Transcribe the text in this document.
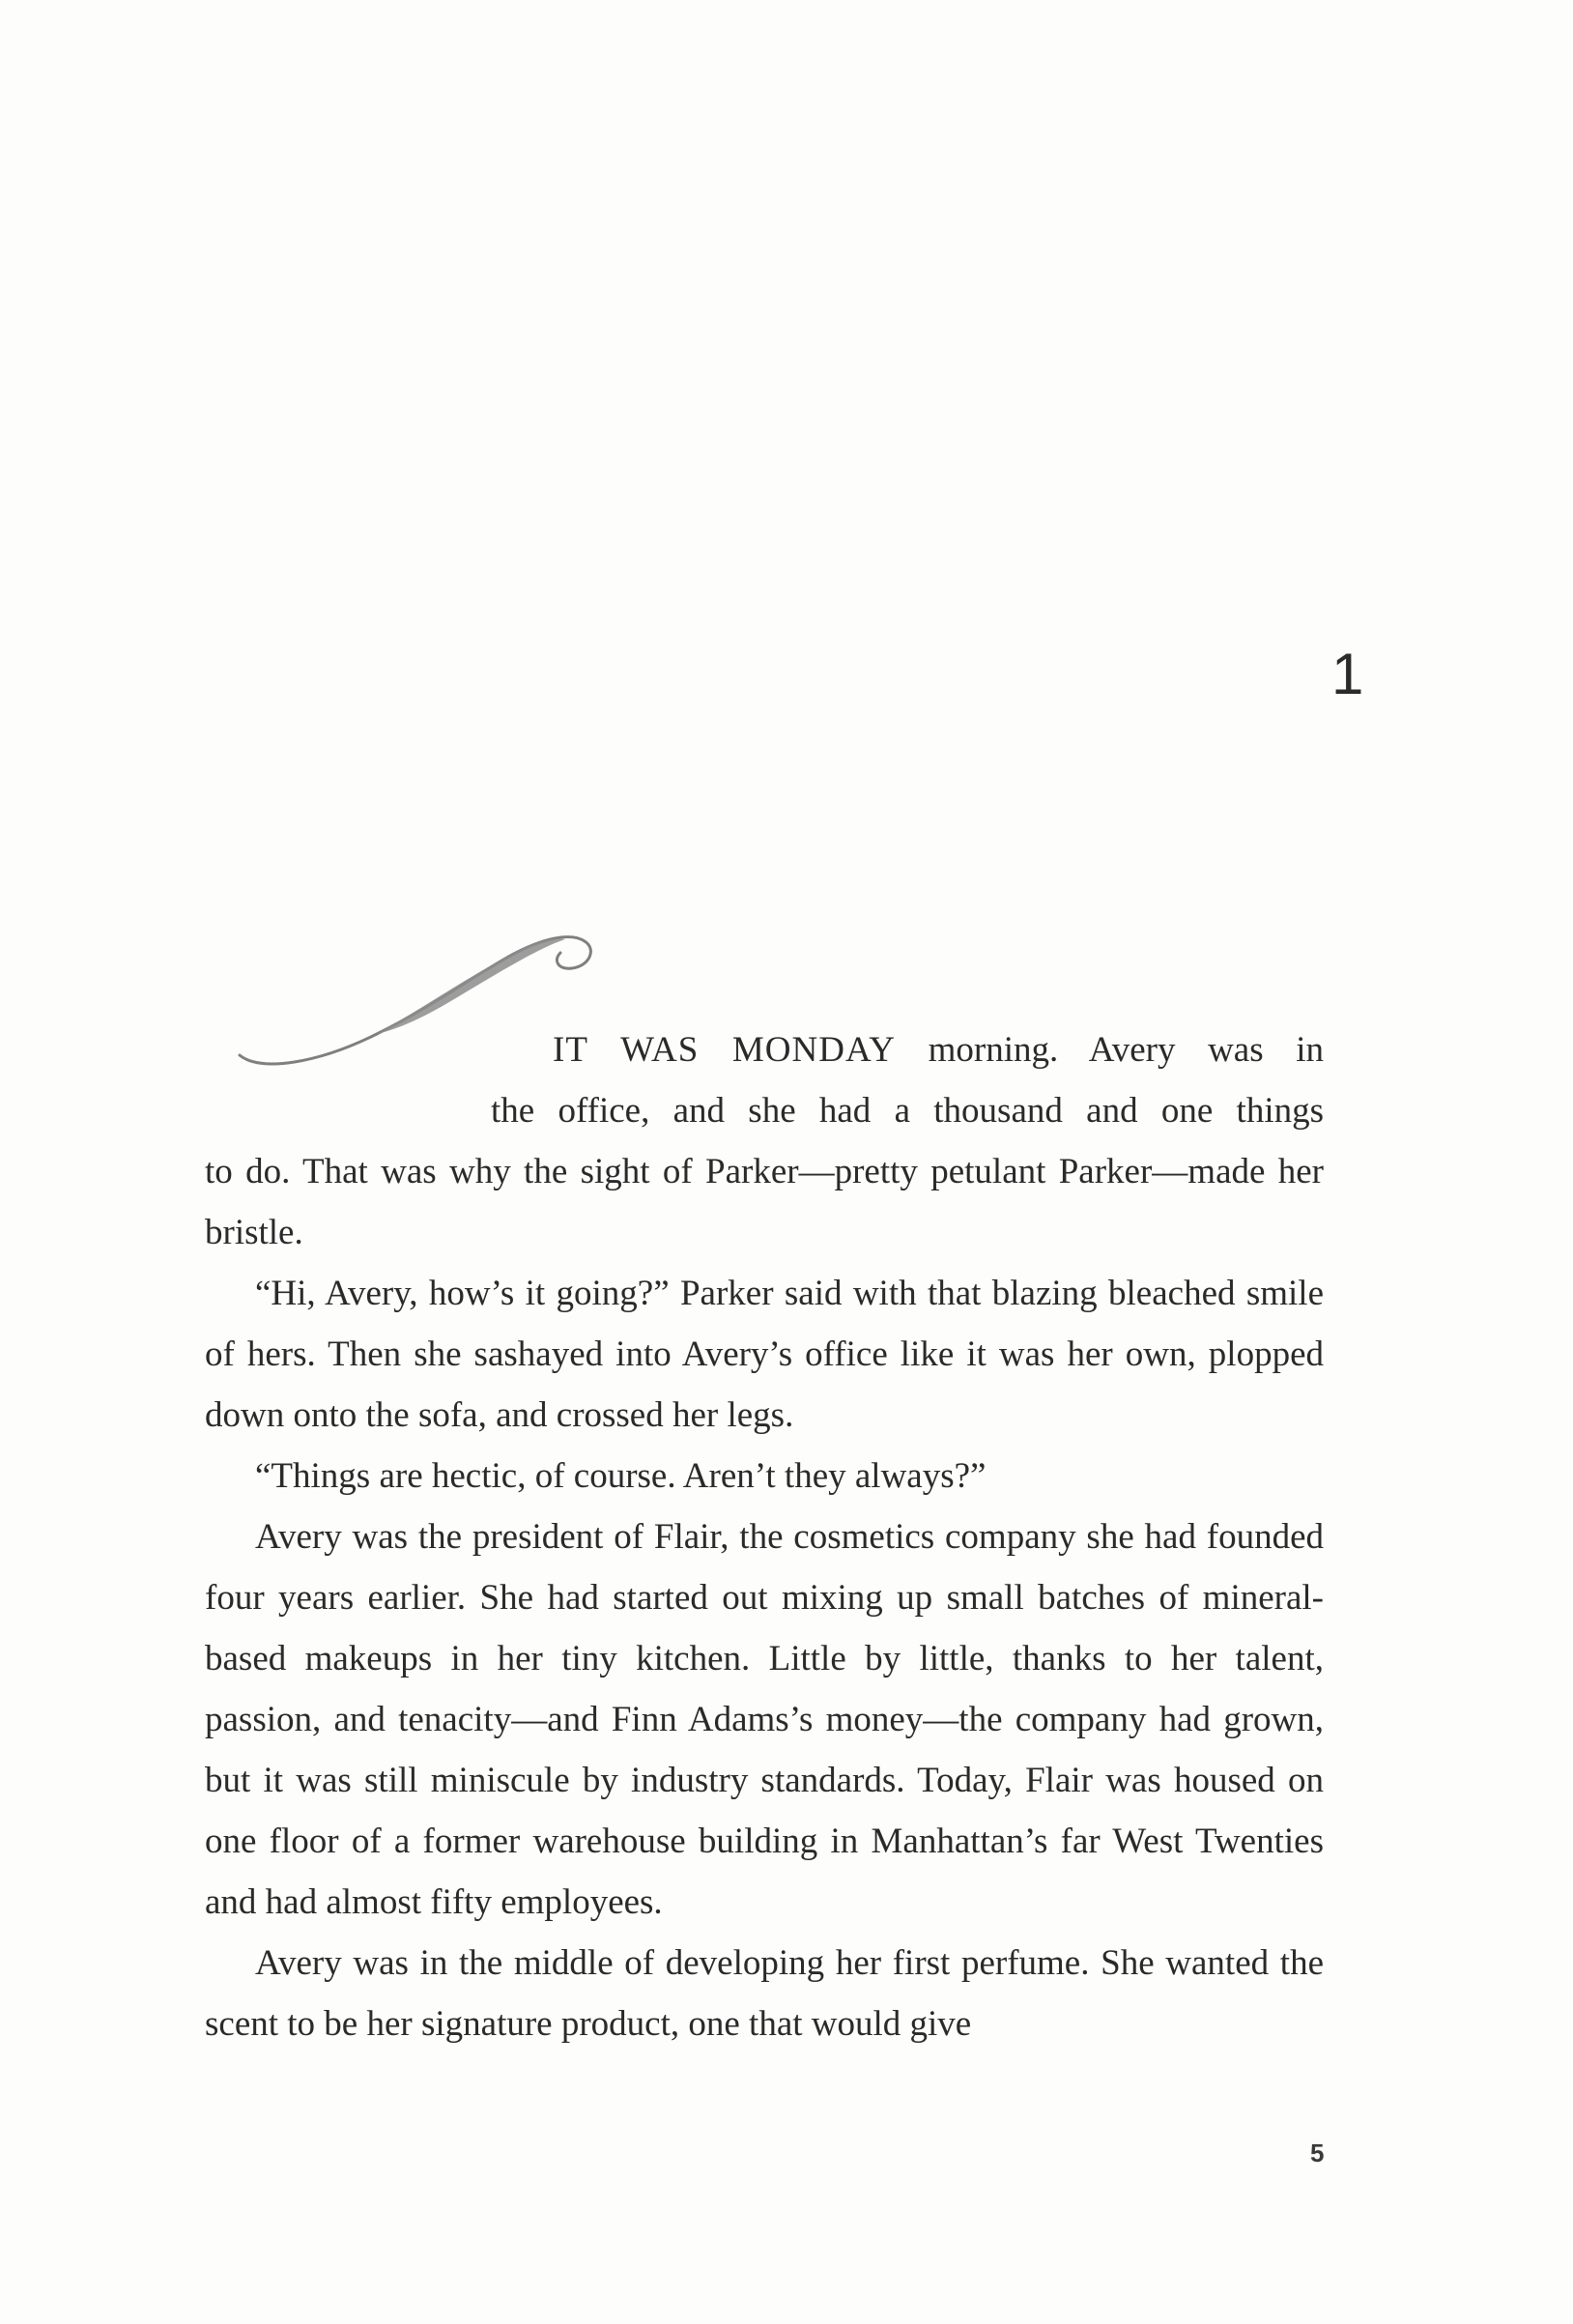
1

IT WAS MONDAY morning. Avery was in
the office, and she had a thousand and one things
to do. That was why the sight of Parker—pretty petulant Parker—made her bristle.

“Hi, Avery, how’s it going?” Parker said with that blazing bleached smile of hers. Then she sashayed into Avery’s office like it was her own, plopped down onto the sofa, and crossed her legs.

“Things are hectic, of course. Aren’t they always?”

Avery was the president of Flair, the cosmetics company she had founded four years earlier. She had started out mixing up small batches of mineral-based makeups in her tiny kitchen. Little by little, thanks to her talent, passion, and tenacity—and Finn Adams’s money—the company had grown, but it was still miniscule by industry standards. Today, Flair was housed on one floor of a former warehouse building in Manhattan’s far West Twenties and had almost fifty employees.

Avery was in the middle of developing her first perfume. She wanted the scent to be her signature product, one that would give

5
